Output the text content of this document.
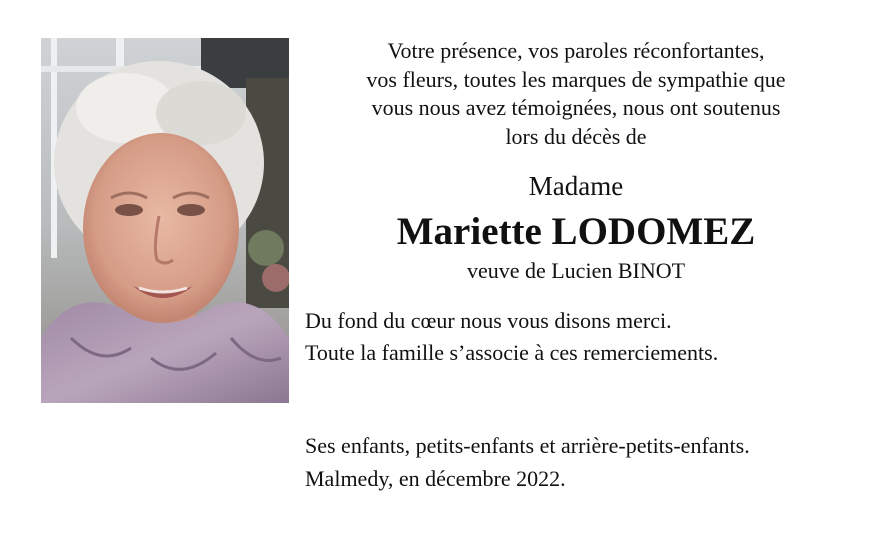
Votre présence, vos paroles réconfortantes,
vos fleurs, toutes les marques de sympathie que
vous nous avez témoignées, nous ont soutenus
lors du décès de
Madame
Mariette LODOMEZ
veuve de Lucien BINOT
Du fond du cœur nous vous disons merci.
Toute la famille s’associe à ces remerciements.
Ses enfants, petits-enfants et arrière-petits-enfants.
Malmedy, en décembre 2022.
